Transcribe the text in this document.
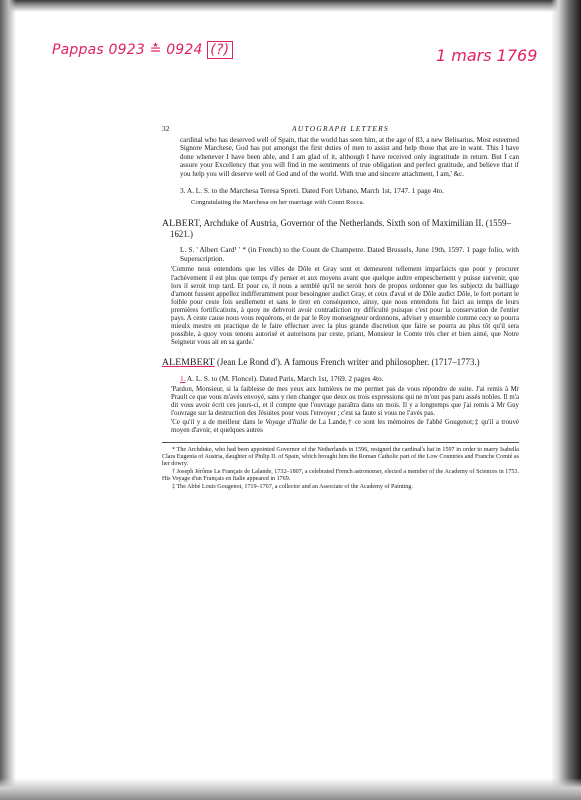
Pappas 0923 ≛ 0924 (?)	1 mars 1769
32	AUTOGRAPH LETTERS

cardinal who has deserved well of Spain, that the world has seen him, at the age of 83, a new Belisarius. Most esteemed Signore Marchese, God has put amongst the first duties of men to assist and help those that are in want. This I have done whenever I have been able, and I am glad of it, although I have received only ingratitude in return. But I can assure your Excellency that you will find in me sentiments of true obligation and perfect gratitude, and believe that if you help you will deserve well of God and of the world. With true and sincere attachment, I am,' &c.

3. A. L. S. to the Marchesa Teresa Spreti. Dated Fort Urbano, March 1st, 1747. 1 page 4to.

Congratulating the Marchesa on her marriage with Count Rocca.

ALBERT, Archduke of Austria, Governor of the Netherlands. Sixth son of Maximilian II. (1559–1621.)

L. S. ' Albert Card¹ ' * (in French) to the Count de Champetre. Dated Brussels, June 19th, 1597. 1 page folio, with Superscription.

'Comme nous entendons que les villes de Dôle et Gray sont et demeurent tellement imparfaicts que pour y procurer l'achèvement il est plus que temps d'y penser et aux moyens avant que quelque aultre empeschement y puisse survenir, que lors il seroit trop tard. Et pour ce, il nous a semblé qu'il ne seroit hors de propos ordonner que les subjectz du bailliage d'amont fussent appellez indifferamment pour besoingner audict Gray, et ceux d'aval et de Dôle audict Dôle, le fort portant le foible pour ceste fois seullement et sans le tirer en conséquence, ainsy, que nous entendons fut faict au temps de leurs premières fortifications, à quoy ne debvroit avoir contradiction ny difficulté puisque c'est pour la conservation de l'entier pays. A ceste cause nous vous requérons, et de par le Roy monseigneur ordonnons, adviser y ensemble comme cecy se pourra mieulx mestre en practique de le faire effectuer avec la plus grande discretion que faire se pourra au plus tôt qu'il sera possible, à quoy vous tenons autorisé et autorisons par ceste, priant, Monsieur le Comte très cher et bien aimé, que Notre Seigneur vous ait en sa garde.'

ALEMBERT (Jean Le Rond d'). A famous French writer and philosopher. (1717–1773.)

1. A. L. S. to (M. Floncel). Dated Paris, March 1st, 1769. 2 pages 4to.

'Pardon, Monsieur, si la faiblesse de mes yeux aux lumières ne me permet pas de vous répondre de suite. J'ai remis à Mr Prault ce que vous m'avés envoyé, sans y rien changer que deux ou trois expressions qui ne m'ont pas paru assés nobles. Il m'a dit vous avoir écrit ces jours-ci, et il compte que l'ouvrage paraîtra dans un mois. Il y a longtemps que j'ai remis à Mr Guy l'ouvrage sur la destruction des Jésuites pour vous l'envoyer ; c'est sa faute si vous ne l'avés pas.

'Ce qu'il y a de meilleur dans le Voyage d'Italie de La Lande,† ce sont les mémoires de l'abbé Gougenot;‡ qu'il a trouvé moyen d'avoir, et quelques autres

* The Archduke, who had been appointed Governor of the Netherlands in 1596, resigned the cardinal's hat in 1597 in order to marry Isabella Clara Eugenia of Austria, daughter of Philip II. of Spain, which brought him the Roman Catholic part of the Low Countries and Franche Comté as her dowry.

† Joseph Jérôme Le Français de Lalande, 1732–1807, a celebrated French astronomer, elected a member of the Academy of Sciences in 1753. His Voyage d'un Français en Italie appeared in 1769.

‡ The Abbé Louis Gougenot, 1719–1767, a collector and an Associate of the Academy of Painting.
